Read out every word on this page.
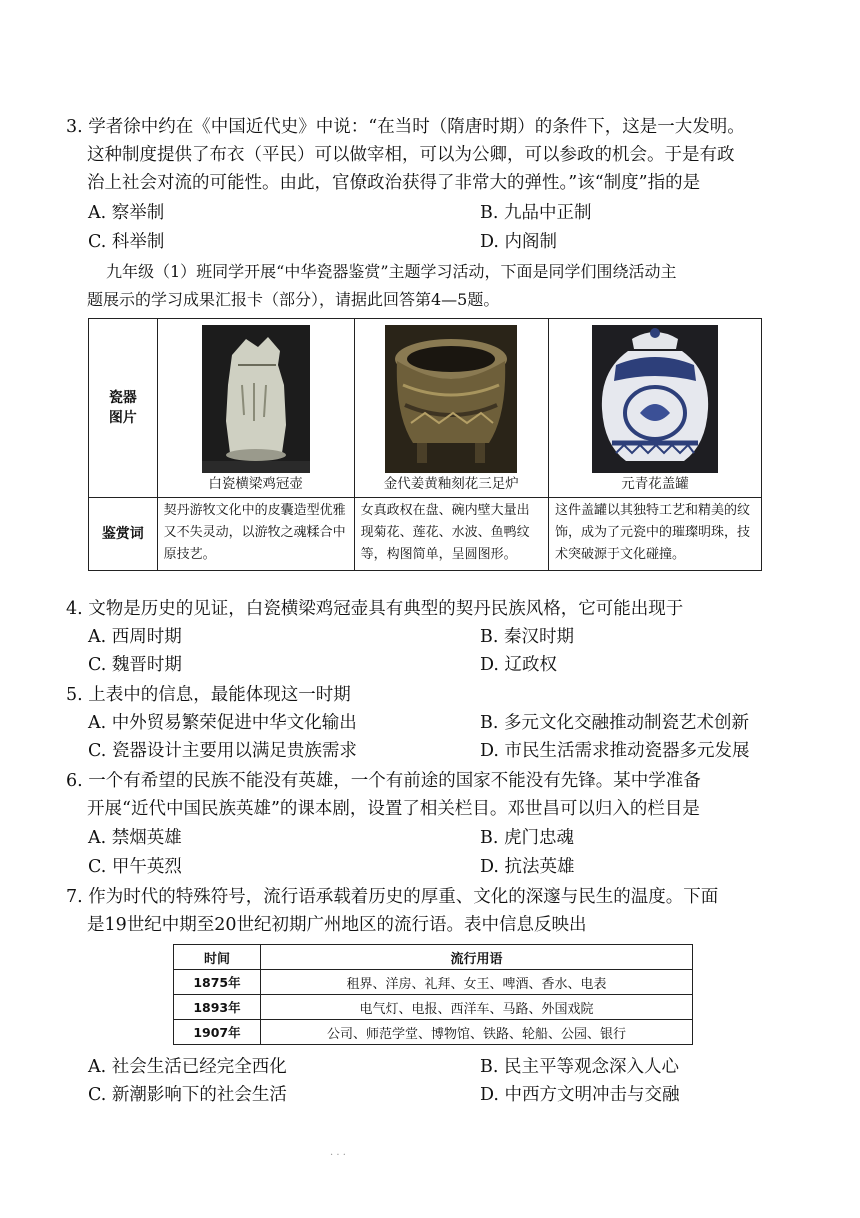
3. 学者徐中约在《中国近代史》中说：“在当时（隋唐时期）的条件下，这是一大发明。
这种制度提供了布衣（平民）可以做宰相，可以为公卿，可以参政的机会。于是有政
治上社会对流的可能性。由此，官僚政治获得了非常大的弹性。”该“制度”指的是
A. 察举制	B. 九品中正制
C. 科举制	D. 内阁制
九年级（1）班同学开展“中华瓷器鉴赏”主题学习活动，下面是同学们围绕活动主
题展示的学习成果汇报卡（部分），请据此回答第4—5题。
瓷器图片	白瓷横梁鸡冠壶	金代姜黄釉刻花三足炉	元青花盖罐

鉴赏词	契丹游牧文化中的皮囊造型优雅又不失灵动，以游牧之魂糅合中原技艺。	女真政权在盘、碗内壁大量出现菊花、莲花、水波、鱼鸭纹等，构图简单，呈圆图形。	这件盖罐以其独特工艺和精美的纹饰，成为了元瓷中的璀璨明珠，技术突破源于文化碰撞。
4. 文物是历史的见证，白瓷横梁鸡冠壶具有典型的契丹民族风格，它可能出现于
A. 西周时期	B. 秦汉时期
C. 魏晋时期	D. 辽政权
5. 上表中的信息，最能体现这一时期
A. 中外贸易繁荣促进中华文化输出	B. 多元文化交融推动制瓷艺术创新
C. 瓷器设计主要用以满足贵族需求	D. 市民生活需求推动瓷器多元发展
6. 一个有希望的民族不能没有英雄，一个有前途的国家不能没有先锋。某中学准备
开展“近代中国民族英雄”的课本剧，设置了相关栏目。邓世昌可以归入的栏目是
A. 禁烟英雄	B. 虎门忠魂
C. 甲午英烈	D. 抗法英雄
7. 作为时代的特殊符号，流行语承载着历史的厚重、文化的深邃与民生的温度。下面
是19世纪中期至20世纪初期广州地区的流行语。表中信息反映出
时间	流行用语
1875年	租界、洋房、礼拜、女王、啤酒、香水、电表
1893年	电气灯、电报、西洋车、马路、外国戏院
1907年	公司、师范学堂、博物馆、铁路、轮船、公园、银行
A. 社会生活已经完全西化	B. 民主平等观念深入人心
C. 新潮影响下的社会生活	D. 中西方文明冲击与交融
· · ·
